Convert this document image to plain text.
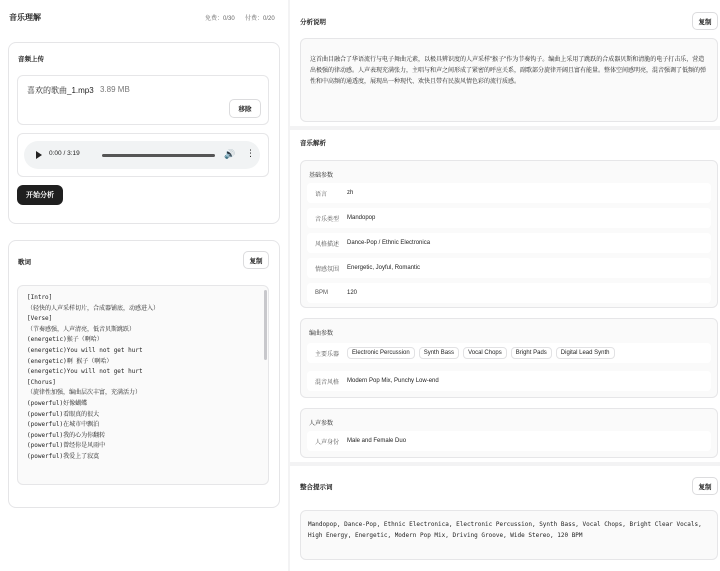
音乐理解	免费：0/30 付费：0/20
音频上传
喜欢的歌曲_1.mp3 3.89 MB
移除
0:00 / 3:19	🔊 ⋮
开始分析
歌词	复制
[Intro]
（轻快的人声采样切片，合成器铺底，动感进入）
[Verse]
（节奏感强，人声清亮，低音贝斯跳跃）
(energetic)猴子（啊哈）
(energetic)You will not get hurt
(energetic)啊 猴子（啊哈）
(energetic)You will not get hurt
[Chorus]
（旋律性加强，编曲层次丰富，充满活力）
(powerful)好像蝴蝶
(powerful)看眼真的很大
(powerful)在城市中飘泊
(powerful)我的心为你翻转
(powerful)曾经你是风雨中
(powerful)我爱上了寂寞
分析说明	复制
这首曲目融合了华语流行与电子舞曲元素，以极具辨识度的人声采样"猴子"作为节奏钩子。编曲上采用了跳跃的合成器贝斯和清脆的电子打击乐，营造出极强的律动感。人声表现充满张力，主唱与和声之间形成了紧密的呼应关系，副歌部分旋律开阔且富有能量。整体空间感明亮，混音强调了低频的弹性和中高频的通透度，展现出一种现代、欢快且带有民族风情色彩的流行质感。
音乐解析
基础参数
语言	zh
音乐类型	Mandopop
风格描述	Dance-Pop / Ethnic Electronica
情感氛围	Energetic, Joyful, Romantic
BPM	120
编曲参数
主要乐器	Electronic Percussion Synth Bass Vocal Chops Bright Pads Digital Lead Synth
混音风格	Modern Pop Mix, Punchy Low-end
人声参数
人声身份	Male and Female Duo
整合提示词	复制
Mandopop, Dance-Pop, Ethnic Electronica, Electronic Percussion, Synth Bass, Vocal Chops, Bright Clear Vocals, High Energy, Energetic, Modern Pop Mix, Driving Groove, Wide Stereo, 120 BPM
